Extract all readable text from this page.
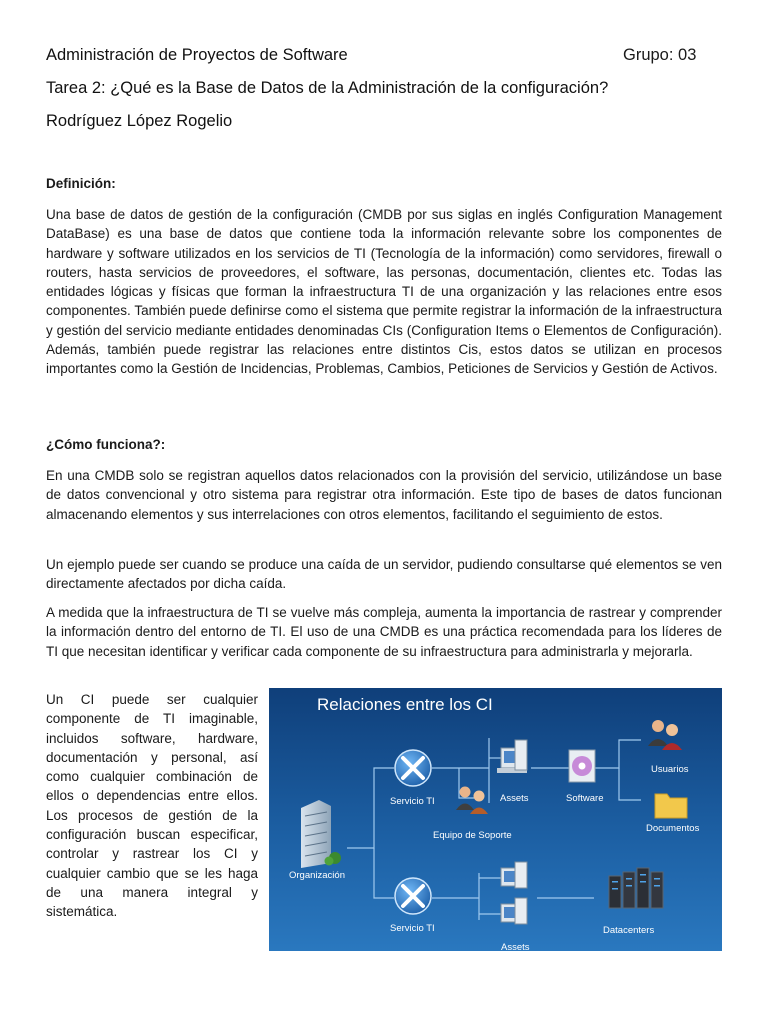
Administración de Proyectos de Software	Grupo: 03
Tarea 2: ¿Qué es la Base de Datos de la Administración de la configuración?
Rodríguez López Rogelio
Definición:
Una base de datos de gestión de la configuración (CMDB por sus siglas en inglés Configuration Management DataBase) es una base de datos que contiene toda la información relevante sobre los componentes de hardware y software utilizados en los servicios de TI (Tecnología de la información) como servidores, firewall o routers, hasta servicios de proveedores, el software, las personas, documentación, clientes etc. Todas las entidades lógicas y físicas que forman la infraestructura TI de una organización y las relaciones entre esos componentes. También puede definirse como el sistema que permite registrar la información de la infraestructura y gestión del servicio mediante entidades denominadas CIs (Configuration Items o Elementos de Configuración). Además, también puede registrar las relaciones entre distintos Cis, estos datos se utilizan en procesos importantes como la Gestión de Incidencias, Problemas, Cambios, Peticiones de Servicios y Gestión de Activos.
¿Cómo funciona?:
En una CMDB solo se registran aquellos datos relacionados con la provisión del servicio, utilizándose un base de datos convencional y otro sistema para registrar otra información. Este tipo de bases de datos funcionan almacenando elementos y sus interrelaciones con otros elementos, facilitando el seguimiento de estos.
Un ejemplo puede ser cuando se produce una caída de un servidor, pudiendo consultarse qué elementos se ven directamente afectados por dicha caída.
A medida que la infraestructura de TI se vuelve más compleja, aumenta la importancia de rastrear y comprender la información dentro del entorno de TI. El uso de una CMDB es una práctica recomendada para los líderes de TI que necesitan identificar y verificar cada componente de su infraestructura para administrarla y mejorarla.
Un CI puede ser cualquier componente de TI imaginable, incluidos software, hardware, documentación y personal, así como cualquier combinación de ellos o dependencias entre ellos. Los procesos de gestión de la configuración buscan especificar, controlar y rastrear los CI y cualquier cambio que se les haga de una manera integral y sistemática.
Relaciones entre los CI
Organización
Servicio TI
Servicio TI
Assets	Software
Usuarios
Documentos
Equipo de Soporte
Assets
Datacenters
